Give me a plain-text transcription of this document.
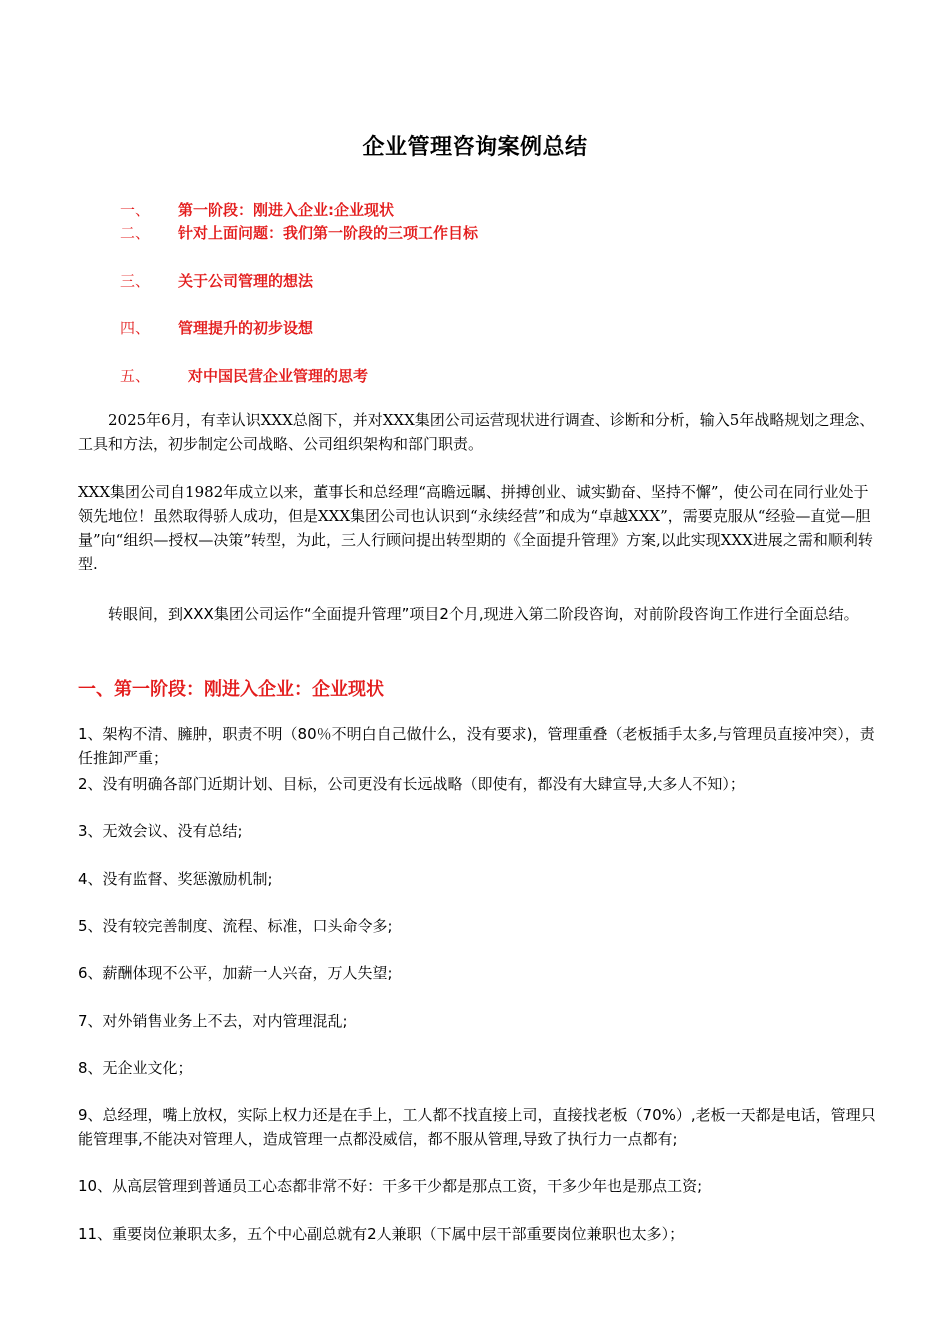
企业管理咨询案例总结
一、 第一阶段：刚进入企业:企业现状
二、 针对上面问题：我们第一阶段的三项工作目标
三、 关于公司管理的想法
四、 管理提升的初步设想
五、	对中国民营企业管理的思考
2025年6月，有幸认识XXX总阁下，并对XXX集团公司运营现状进行调查、诊断和分析，输入5年战略规划之理念、工具和方法，初步制定公司战略、公司组织架构和部门职责。
XXX集团公司自1982年成立以来，董事长和总经理“高瞻远瞩、拼搏创业、诚实勤奋、坚持不懈”，使公司在同行业处于领先地位！虽然取得骄人成功，但是XXX集团公司也认识到“永续经营”和成为“卓越XXX”，需要克服从“经验—直觉—胆量”向“组织—授权—决策”转型，为此，三人行顾问提出转型期的《全面提升管理》方案,以此实现XXX进展之需和顺利转型.
转眼间，到XXX集团公司运作“全面提升管理”项目2个月,现进入第二阶段咨询，对前阶段咨询工作进行全面总结。
一、第一阶段：刚进入企业：企业现状
1、架构不清、臃肿，职责不明（80％不明白自己做什么，没有要求)，管理重叠（老板插手太多,与管理员直接冲突），责任推卸严重；
2、没有明确各部门近期计划、目标，公司更没有长远战略（即使有，都没有大肆宣导,大多人不知）；
3、无效会议、没有总结;
4、没有监督、奖惩激励机制;
5、没有较完善制度、流程、标准，口头命令多;
6、薪酬体现不公平，加薪一人兴奋，万人失望;
7、对外销售业务上不去，对内管理混乱;
8、无企业文化；
9、总经理，嘴上放权，实际上权力还是在手上，工人都不找直接上司，直接找老板（70%）,老板一天都是电话，管理只能管理事,不能决对管理人，造成管理一点都没威信，都不服从管理,导致了执行力一点都有;
10、从高层管理到普通员工心态都非常不好：干多干少都是那点工资，干多少年也是那点工资;
11、重要岗位兼职太多，五个中心副总就有2人兼职（下属中层干部重要岗位兼职也太多）；
